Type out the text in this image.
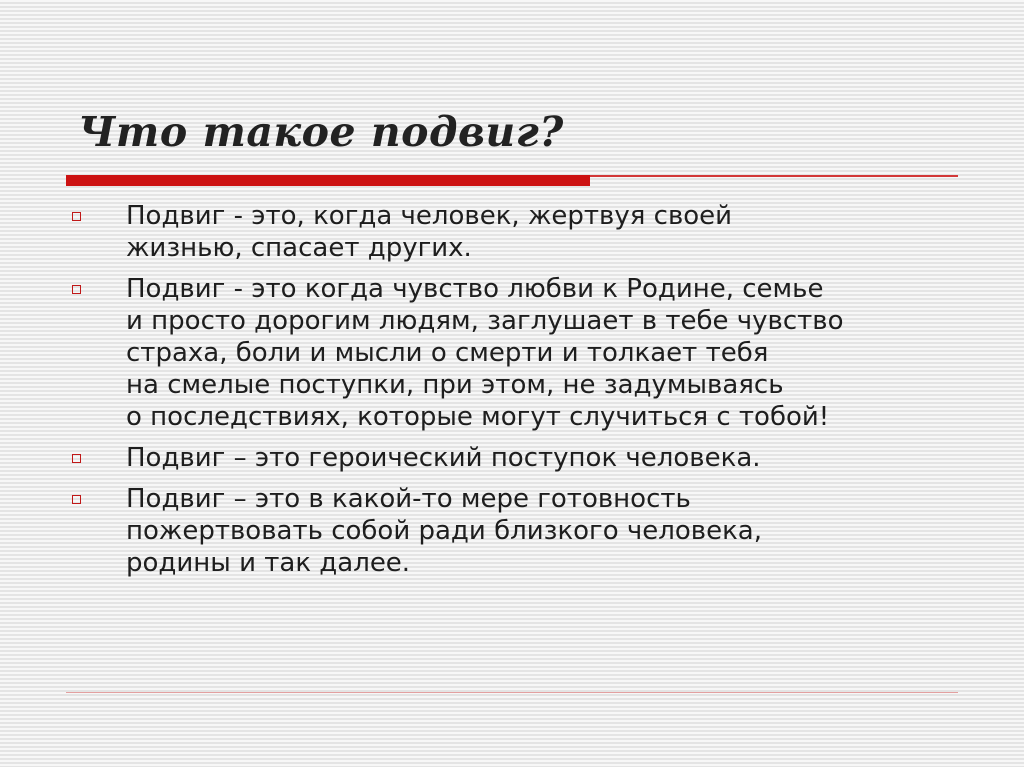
Что такое подвиг?
Подвиг - это, когда человек, жертвуя своей
жизнью, спасает других.
Подвиг - это когда чувство любви к Родине, семье
и просто дорогим людям, заглушает в тебе чувство
страха, боли и мысли о смерти и толкает тебя
на смелые поступки, при этом, не задумываясь
о последствиях, которые могут случиться с тобой!
Подвиг – это героический поступок человека.
Подвиг – это в какой-то мере готовность
пожертвовать собой ради близкого человека,
родины и так далее.
